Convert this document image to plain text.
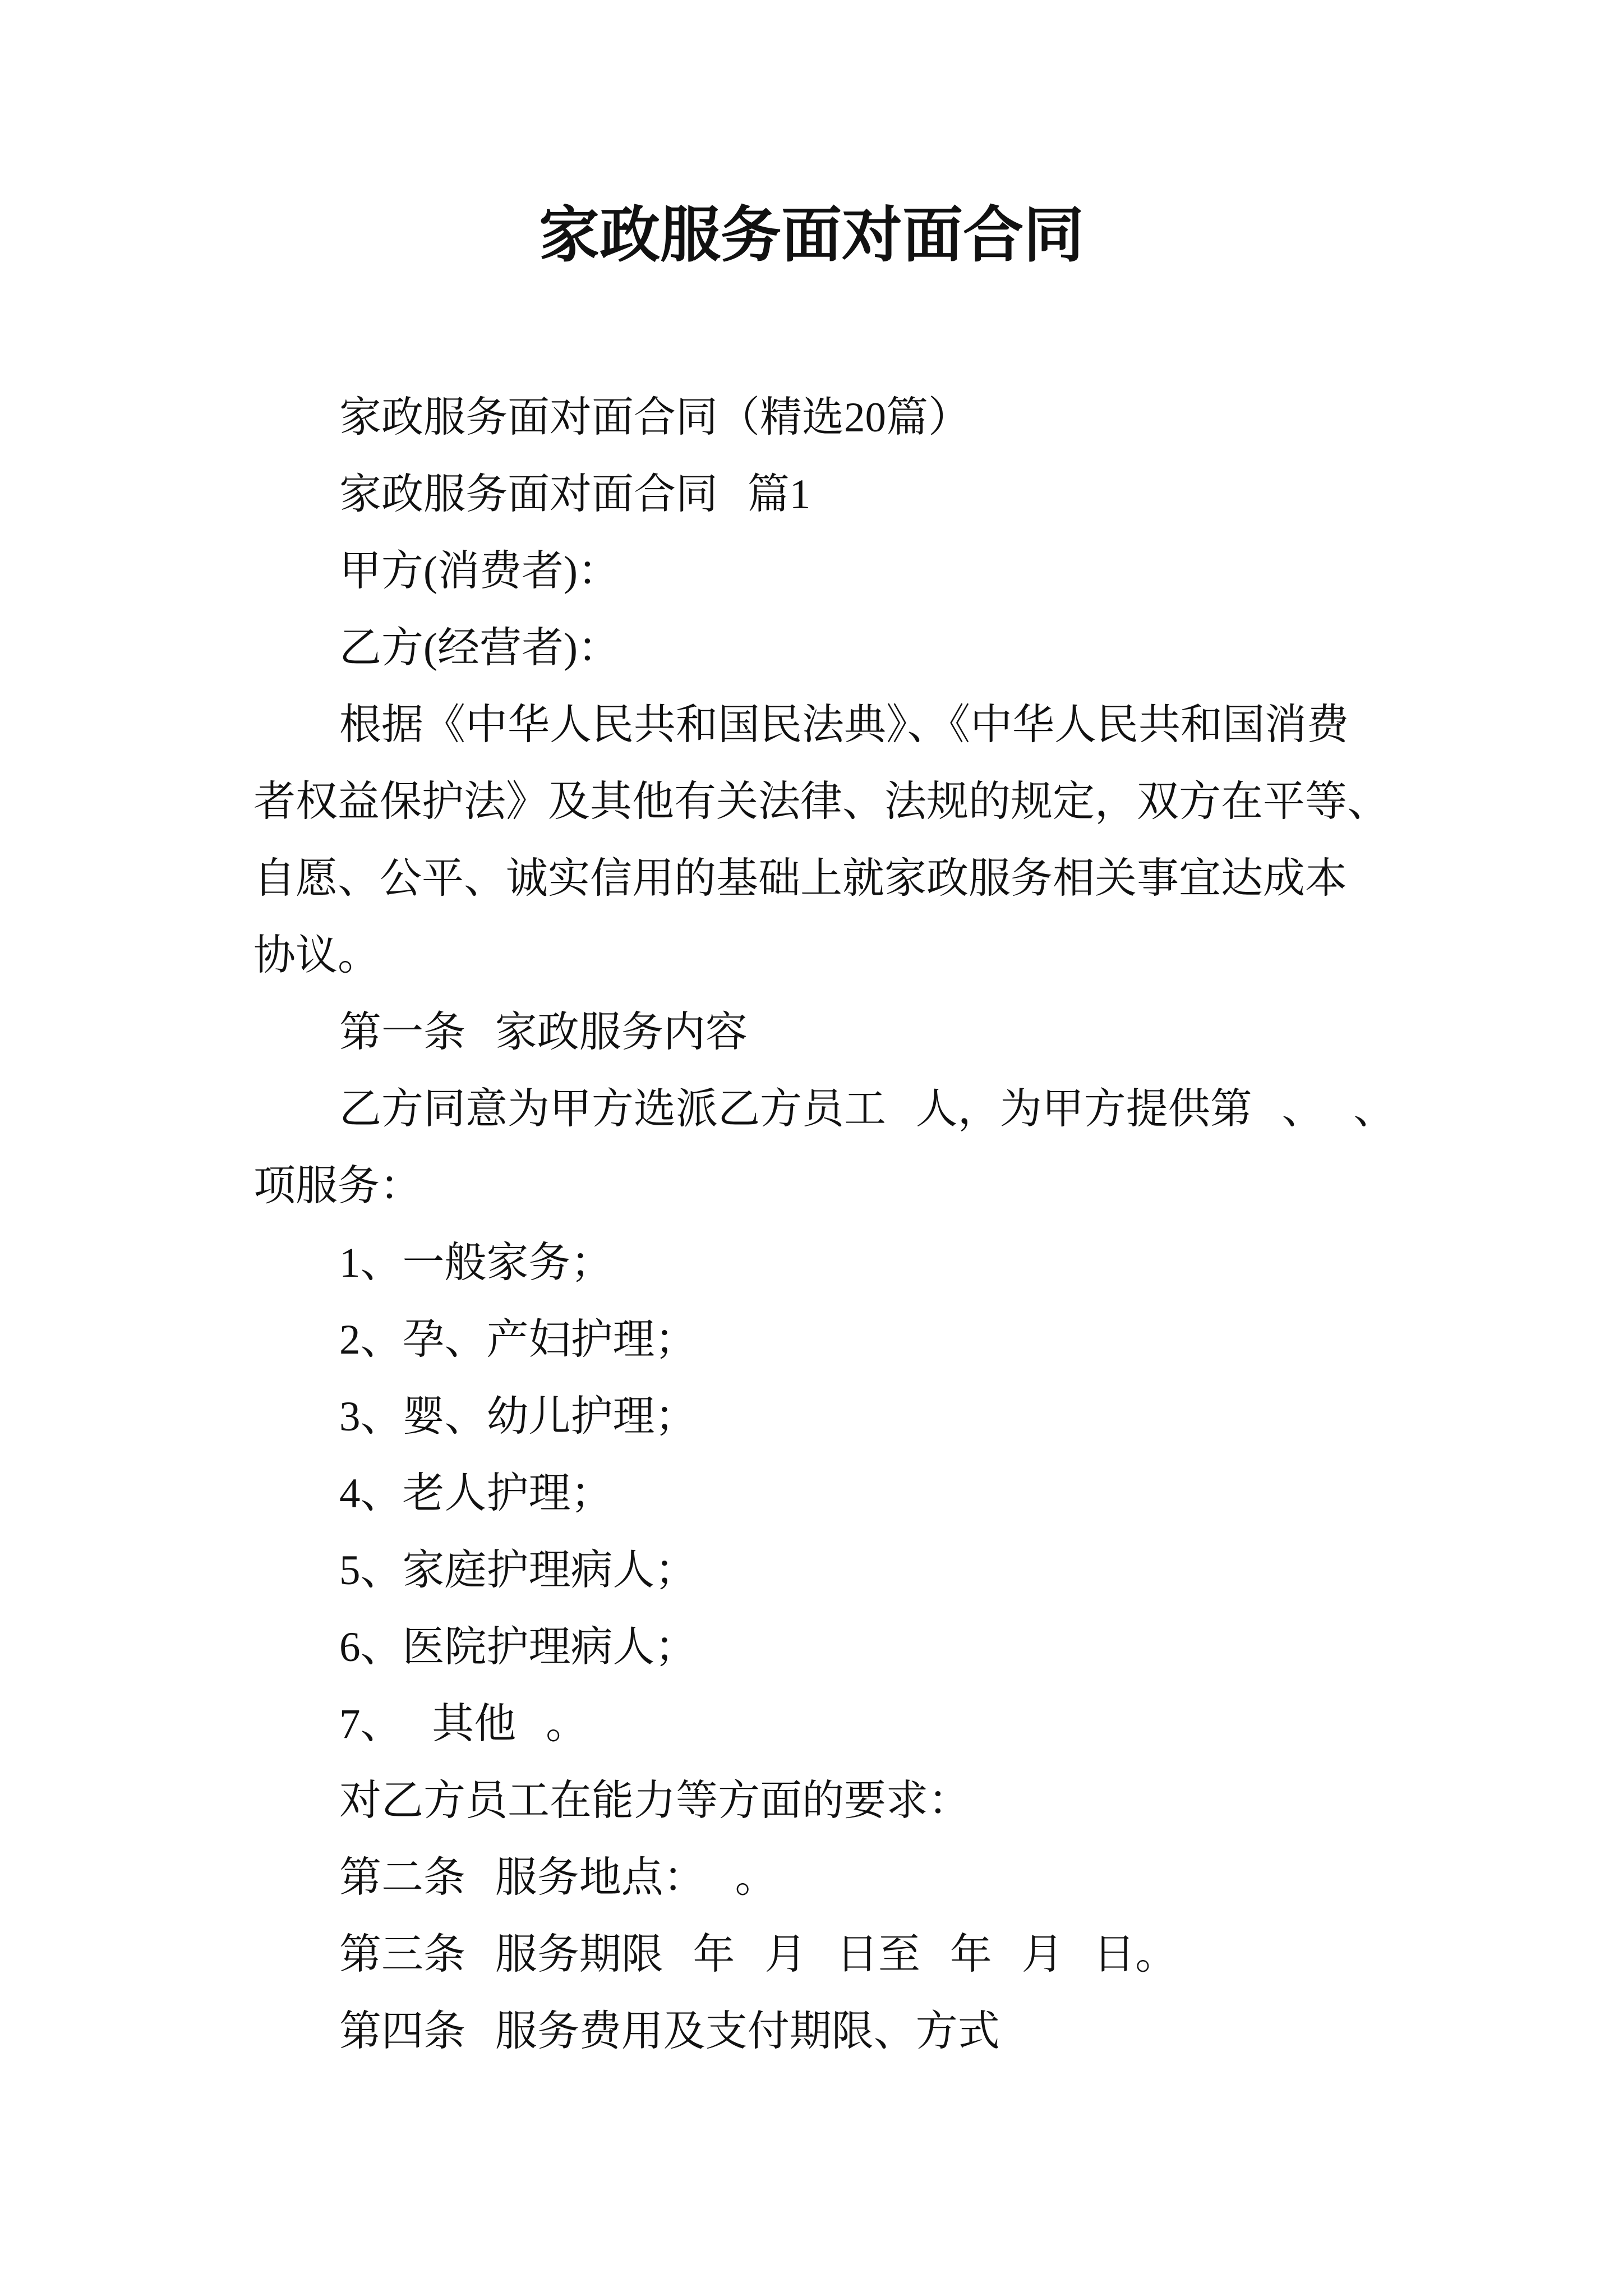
家政服务面对面合同
家政服务面对面合同（精选20篇）
家政服务面对面合同 篇1
甲方(消费者)：
乙方(经营者)：
根据《中华人民共和国民法典》、《中华人民共和国消费
者权益保护法》及其他有关法律、法规的规定，双方在平等、
自愿、公平、诚实信用的基础上就家政服务相关事宜达成本
协议。
第一条 家政服务内容
乙方同意为甲方选派乙方员工 人，为甲方提供第 、 、
项服务：
1、一般家务；
2、孕、产妇护理；
3、婴、幼儿护理；
4、老人护理；
5、家庭护理病人；
6、医院护理病人；
7、 其他 。
对乙方员工在能力等方面的要求：
第二条 服务地点： 。
第三条 服务期限 年 月 日至 年 月 日。
第四条 服务费用及支付期限、方式
